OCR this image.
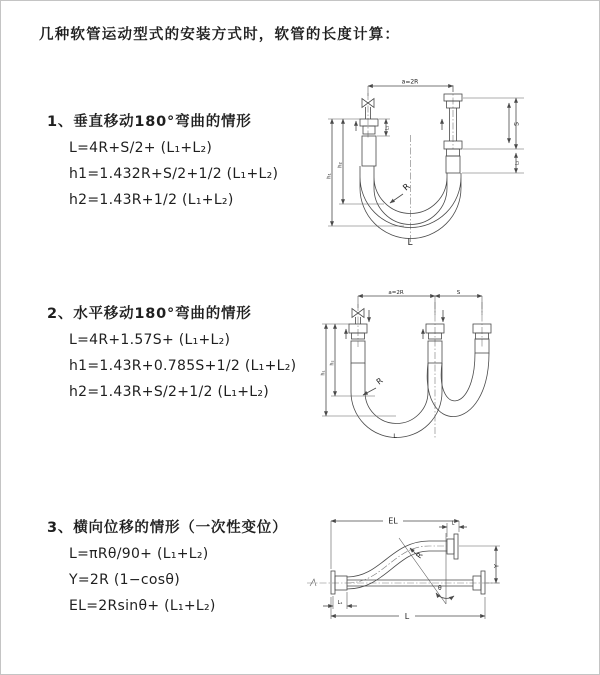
几种软管运动型式的安装方式时，软管的长度计算：
1、垂直移动180°弯曲的情形
L=4R+S/2+ (L₁+L₂)
h1=1.432R+S/2+1/2 (L₁+L₂)
h2=1.43R+1/2 (L₁+L₂)
2、水平移动180°弯曲的情形
L=4R+1.57S+ (L₁+L₂)
h1=1.43R+0.785S+1/2 (L₁+L₂)
h2=1.43R+S/2+1/2 (L₁+L₂)
3、横向位移的情形（一次性变位）
L=πRθ/90+ (L₁+L₂)
Y=2R (1−cosθ)
EL=2Rsinθ+ (L₁+L₂)
a=2R
R
L
h₁
h₂
L₁
S
L₂
a=2R	S
h₁
h₂
R
L
EL	L
θ
R
Y
L
L₁
